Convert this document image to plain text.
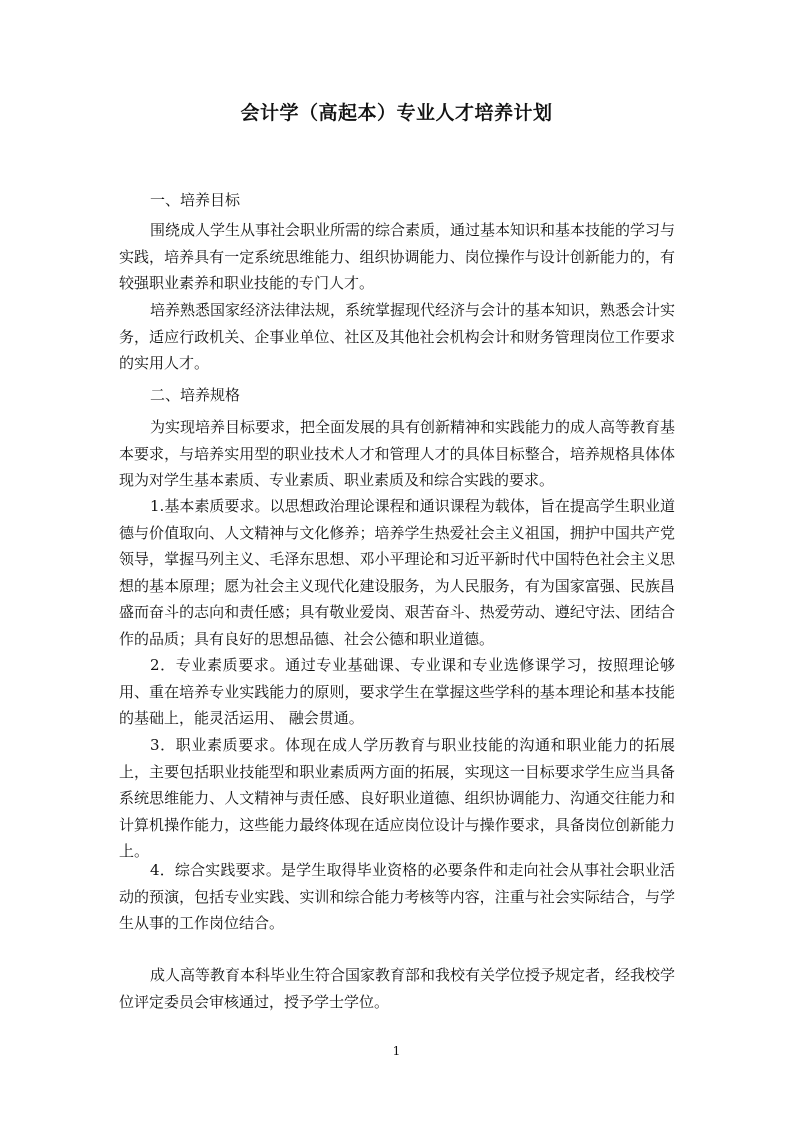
会计学（高起本）专业人才培养计划
一、培养目标

围绕成人学生从事社会职业所需的综合素质，通过基本知识和基本技能的学习与实践，培养具有一定系统思维能力、组织协调能力、岗位操作与设计创新能力的，有较强职业素养和职业技能的专门人才。

培养熟悉国家经济法律法规，系统掌握现代经济与会计的基本知识，熟悉会计实务，适应行政机关、企事业单位、社区及其他社会机构会计和财务管理岗位工作要求的实用人才。

二、培养规格

为实现培养目标要求，把全面发展的具有创新精神和实践能力的成人高等教育基本要求，与培养实用型的职业技术人才和管理人才的具体目标整合，培养规格具体体现为对学生基本素质、专业素质、职业素质及和综合实践的要求。

1.基本素质要求。以思想政治理论课程和通识课程为载体，旨在提高学生职业道德与价值取向、人文精神与文化修养；培养学生热爱社会主义祖国，拥护中国共产党领导，掌握马列主义、毛泽东思想、邓小平理论和习近平新时代中国特色社会主义思想的基本原理；愿为社会主义现代化建设服务，为人民服务，有为国家富强、民族昌盛而奋斗的志向和责任感；具有敬业爱岗、艰苦奋斗、热爱劳动、遵纪守法、团结合作的品质；具有良好的思想品德、社会公德和职业道德。

2．专业素质要求。通过专业基础课、专业课和专业选修课学习，按照理论够用、重在培养专业实践能力的原则，要求学生在掌握这些学科的基本理论和基本技能的基础上，能灵活运用、 融会贯通。

3．职业素质要求。体现在成人学历教育与职业技能的沟通和职业能力的拓展上，主要包括职业技能型和职业素质两方面的拓展，实现这一目标要求学生应当具备系统思维能力、人文精神与责任感、良好职业道德、组织协调能力、沟通交往能力和计算机操作能力，这些能力最终体现在适应岗位设计与操作要求，具备岗位创新能力上。

4．综合实践要求。是学生取得毕业资格的必要条件和走向社会从事社会职业活动的预演，包括专业实践、实训和综合能力考核等内容，注重与社会实际结合，与学生从事的工作岗位结合。

成人高等教育本科毕业生符合国家教育部和我校有关学位授予规定者，经我校学位评定委员会审核通过，授予学士学位。

1
